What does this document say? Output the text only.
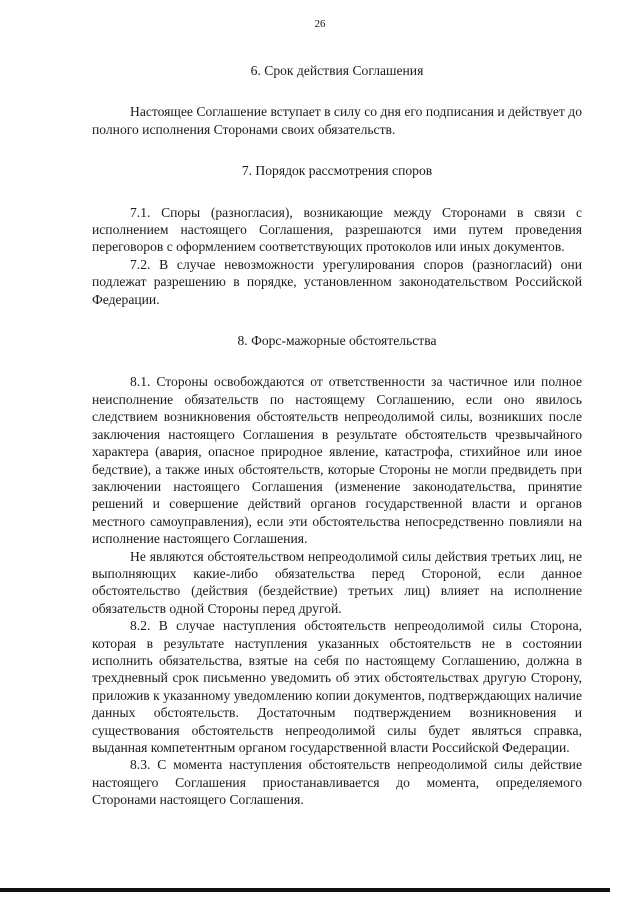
26

6. Срок действия Соглашения

Настоящее Соглашение вступает в силу со дня его подписания и действует до полного исполнения Сторонами своих обязательств.

7. Порядок рассмотрения споров

7.1. Споры (разногласия), возникающие между Сторонами в связи с исполнением настоящего Соглашения, разрешаются ими путем проведения переговоров с оформлением соответствующих протоколов или иных документов.

7.2. В случае невозможности урегулирования споров (разногласий) они подлежат разрешению в порядке, установленном законодательством Российской Федерации.

8. Форс-мажорные обстоятельства

8.1. Стороны освобождаются от ответственности за частичное или полное неисполнение обязательств по настоящему Соглашению, если оно явилось следствием возникновения обстоятельств непреодолимой силы, возникших после заключения настоящего Соглашения в результате обстоятельств чрезвычайного характера (авария, опасное природное явление, катастрофа, стихийное или иное бедствие), а также иных обстоятельств, которые Стороны не могли предвидеть при заключении настоящего Соглашения (изменение законодательства, принятие решений и совершение действий органов государственной власти и органов местного самоуправления), если эти обстоятельства непосредственно повлияли на исполнение настоящего Соглашения.

Не являются обстоятельством непреодолимой силы действия третьих лиц, не выполняющих какие-либо обязательства перед Стороной, если данное обстоятельство (действия (бездействие) третьих лиц) влияет на исполнение обязательств одной Стороны перед другой.

8.2. В случае наступления обстоятельств непреодолимой силы Сторона, которая в результате наступления указанных обстоятельств не в состоянии исполнить обязательства, взятые на себя по настоящему Соглашению, должна в трехдневный срок письменно уведомить об этих обстоятельствах другую Сторону, приложив к указанному уведомлению копии документов, подтверждающих наличие данных обстоятельств. Достаточным подтверждением возникновения и существования обстоятельств непреодолимой силы будет являться справка, выданная компетентным органом государственной власти Российской Федерации.

8.3. С момента наступления обстоятельств непреодолимой силы действие настоящего Соглашения приостанавливается до момента, определяемого Сторонами настоящего Соглашения.
